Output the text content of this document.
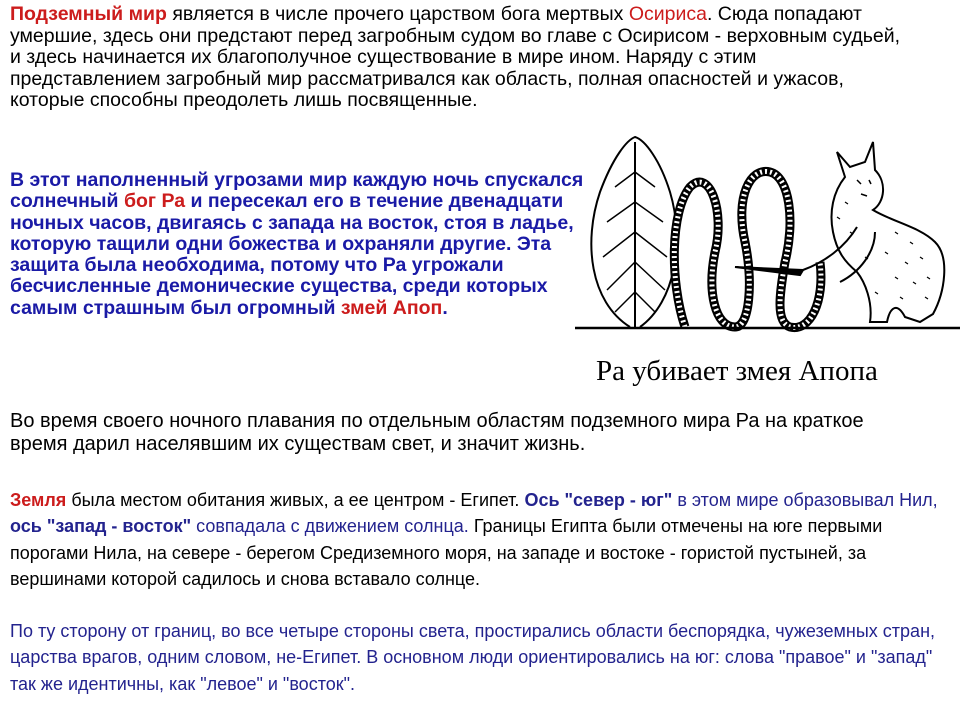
Подземный мир является в числе прочего царством бога мертвых Осириса. Сюда попадают умершие, здесь они предстают перед загробным судом во главе с Осирисом - верховным судьей, и здесь начинается их благополучное существование в мире ином. Наряду с этим представлением загробный мир рассматривался как область, полная опасностей и ужасов, которые способны преодолеть лишь посвященные.

В этот наполненный угрозами мир каждую ночь спускался солнечный бог Ра и пересекал его в течение двенадцати ночных часов, двигаясь с запада на восток, стоя в ладье, которую тащили одни божества и охраняли другие. Эта защита была необходима, потому что Ра угрожали бесчисленные демонические существа, среди которых самым страшным был огромный змей Апоп.

Ра убивает змея Апопа

Во время своего ночного плавания по отдельным областям подземного мира Ра на краткое время дарил населявшим их существам свет, и значит жизнь.

Земля была местом обитания живых, а ее центром - Египет. Ось "север - юг" в этом мире образовывал Нил, ось "запад - восток" совпадала с движением солнца. Границы Египта были отмечены на юге первыми порогами Нила, на севере - берегом Средиземного моря, на западе и востоке - гористой пустыней, за вершинами которой садилось и снова вставало солнце.

По ту сторону от границ, во все четыре стороны света, простирались области беспорядка, чужеземных стран, царства врагов, одним словом, не-Египет. В основном люди ориентировались на юг: слова "правое" и "запад" так же идентичны, как "левое" и "восток".
